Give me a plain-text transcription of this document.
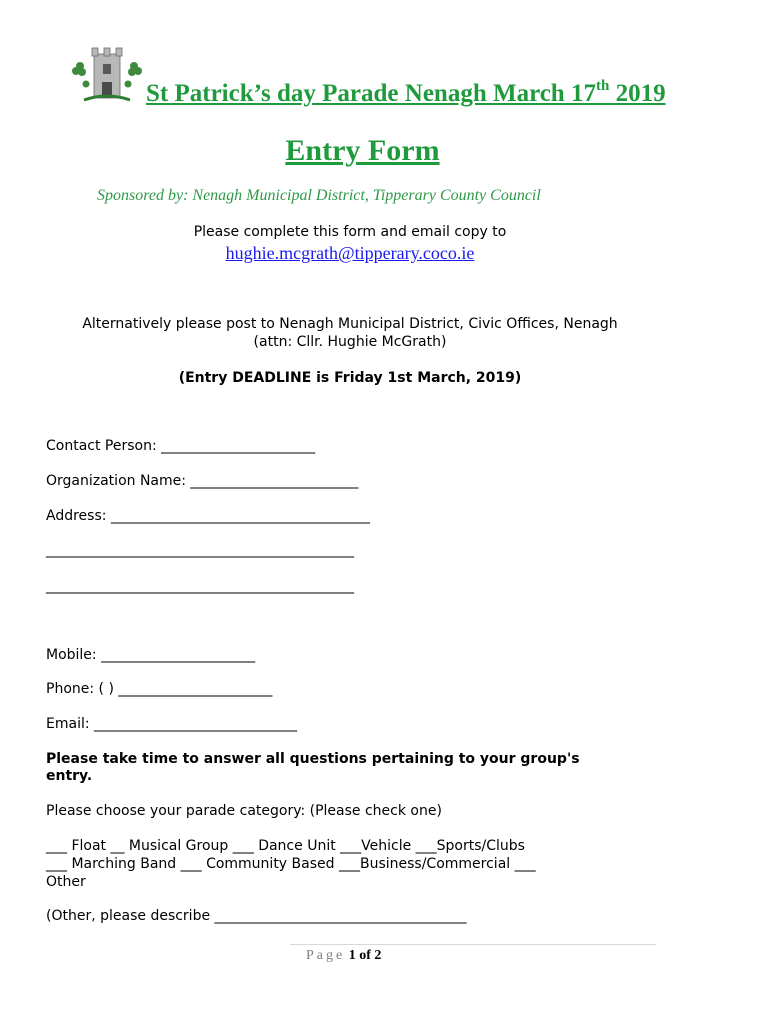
St Patrick’s day Parade Nenagh March 17th 2019
Entry Form
Sponsored by: Nenagh Municipal District, Tipperary County Council
Please complete this form and email copy to
hughie.mcgrath@tipperary.coco.ie
Alternatively please post to Nenagh Municipal District, Civic Offices, Nenagh
(attn: Cllr. Hughie McGrath)
(Entry DEADLINE is Friday 1st March, 2019)
Contact Person: ______________________
Organization Name: ________________________
Address: _____________________________________
____________________________________________
____________________________________________
Mobile: ______________________
Phone: ( ) ______________________
Email: _____________________________
Please take time to answer all questions pertaining to your group's
entry.
Please choose your parade category: (Please check one)
___ Float __ Musical Group ___ Dance Unit ___Vehicle ___Sports/Clubs
___ Marching Band ___ Community Based ___Business/Commercial ___
Other
(Other, please describe ____________________________________
Page 1 of 2
